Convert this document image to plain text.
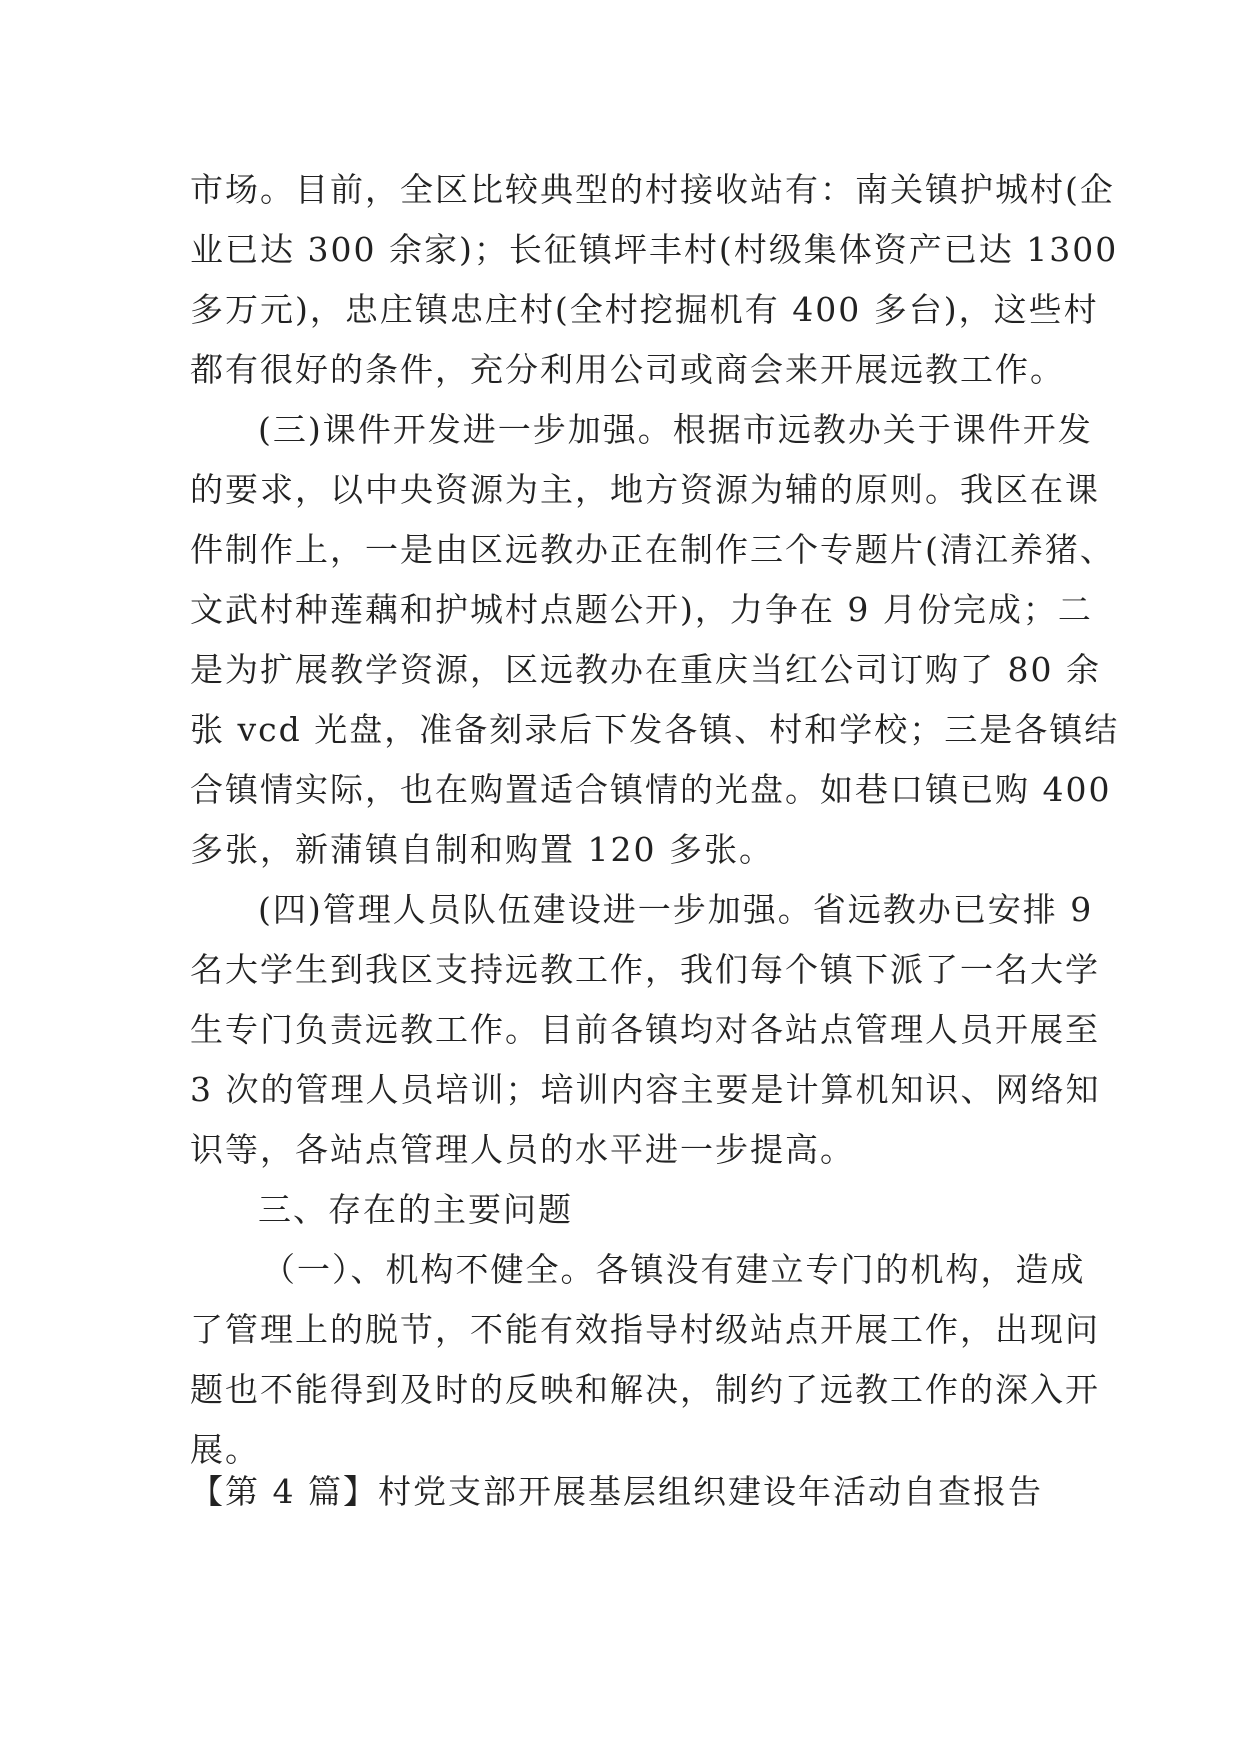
市场。目前，全区比较典型的村接收站有：南关镇护城村(企
业已达 300 余家)；长征镇坪丰村(村级集体资产已达 1300
多万元)，忠庄镇忠庄村(全村挖掘机有 400 多台)，这些村
都有很好的条件，充分利用公司或商会来开展远教工作。
(三)课件开发进一步加强。根据市远教办关于课件开发
的要求，以中央资源为主，地方资源为辅的原则。我区在课
件制作上，一是由区远教办正在制作三个专题片(清江养猪、
文武村种莲藕和护城村点题公开)，力争在 9 月份完成；二
是为扩展教学资源，区远教办在重庆当红公司订购了 80 余
张 vcd 光盘，准备刻录后下发各镇、村和学校；三是各镇结
合镇情实际，也在购置适合镇情的光盘。如巷口镇已购 400
多张，新蒲镇自制和购置 120 多张。
(四)管理人员队伍建设进一步加强。省远教办已安排 9
名大学生到我区支持远教工作，我们每个镇下派了一名大学
生专门负责远教工作。目前各镇均对各站点管理人员开展至
3 次的管理人员培训；培训内容主要是计算机知识、网络知
识等，各站点管理人员的水平进一步提高。
三、存在的主要问题
（一）、机构不健全。各镇没有建立专门的机构，造成
了管理上的脱节，不能有效指导村级站点开展工作，出现问
题也不能得到及时的反映和解决，制约了远教工作的深入开
展。
【第 4 篇】村党支部开展基层组织建设年活动自查报告
